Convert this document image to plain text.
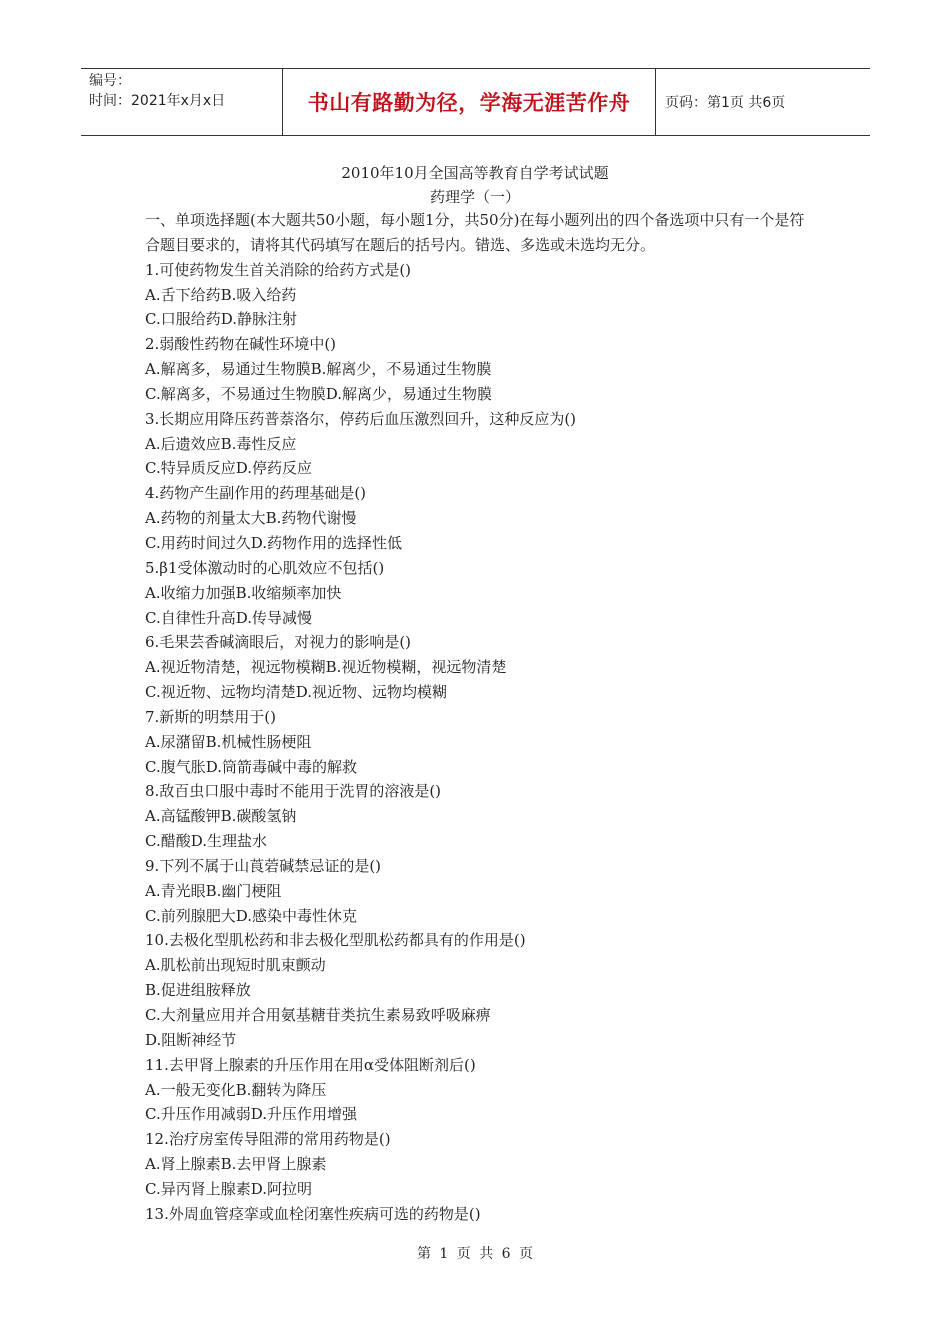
编号：
时间：2021年x月x日	书山有路勤为径，学海无涯苦作舟	页码：第1页 共6页
2010年10月全国高等教育自学考试试题
药理学（一）

一、单项选择题(本大题共50小题，每小题1分，共50分)在每小题列出的四个备选项中只有一个是符合题目要求的，请将其代码填写在题后的括号内。错选、多选或未选均无分。

1.可使药物发生首关消除的给药方式是()

A.舌下给药B.吸入给药

C.口服给药D.静脉注射

2.弱酸性药物在碱性环境中()

A.解离多，易通过生物膜B.解离少，不易通过生物膜

C.解离多，不易通过生物膜D.解离少，易通过生物膜

3.长期应用降压药普萘洛尔，停药后血压激烈回升，这种反应为()

A.后遗效应B.毒性反应

C.特异质反应D.停药反应

4.药物产生副作用的药理基础是()

A.药物的剂量太大B.药物代谢慢

C.用药时间过久D.药物作用的选择性低

5.β1受体激动时的心肌效应不包括()

A.收缩力加强B.收缩频率加快

C.自律性升高D.传导减慢

6.毛果芸香碱滴眼后，对视力的影响是()

A.视近物清楚，视远物模糊B.视近物模糊，视远物清楚

C.视近物、远物均清楚D.视近物、远物均模糊

7.新斯的明禁用于()

A.尿潴留B.机械性肠梗阻

C.腹气胀D.筒箭毒碱中毒的解救

8.敌百虫口服中毒时不能用于洗胃的溶液是()

A.高锰酸钾B.碳酸氢钠

C.醋酸D.生理盐水

9.下列不属于山莨菪碱禁忌证的是()

A.青光眼B.幽门梗阻

C.前列腺肥大D.感染中毒性休克

10.去极化型肌松药和非去极化型肌松药都具有的作用是()

A.肌松前出现短时肌束颤动

B.促进组胺释放

C.大剂量应用并合用氨基糖苷类抗生素易致呼吸麻痹

D.阻断神经节

11.去甲肾上腺素的升压作用在用α受体阻断剂后()

A.一般无变化B.翻转为降压

C.升压作用减弱D.升压作用增强

12.治疗房室传导阻滞的常用药物是()

A.肾上腺素B.去甲肾上腺素

C.异丙肾上腺素D.阿拉明

13.外周血管痉挛或血栓闭塞性疾病可选的药物是()

第 1 页 共 6 页
